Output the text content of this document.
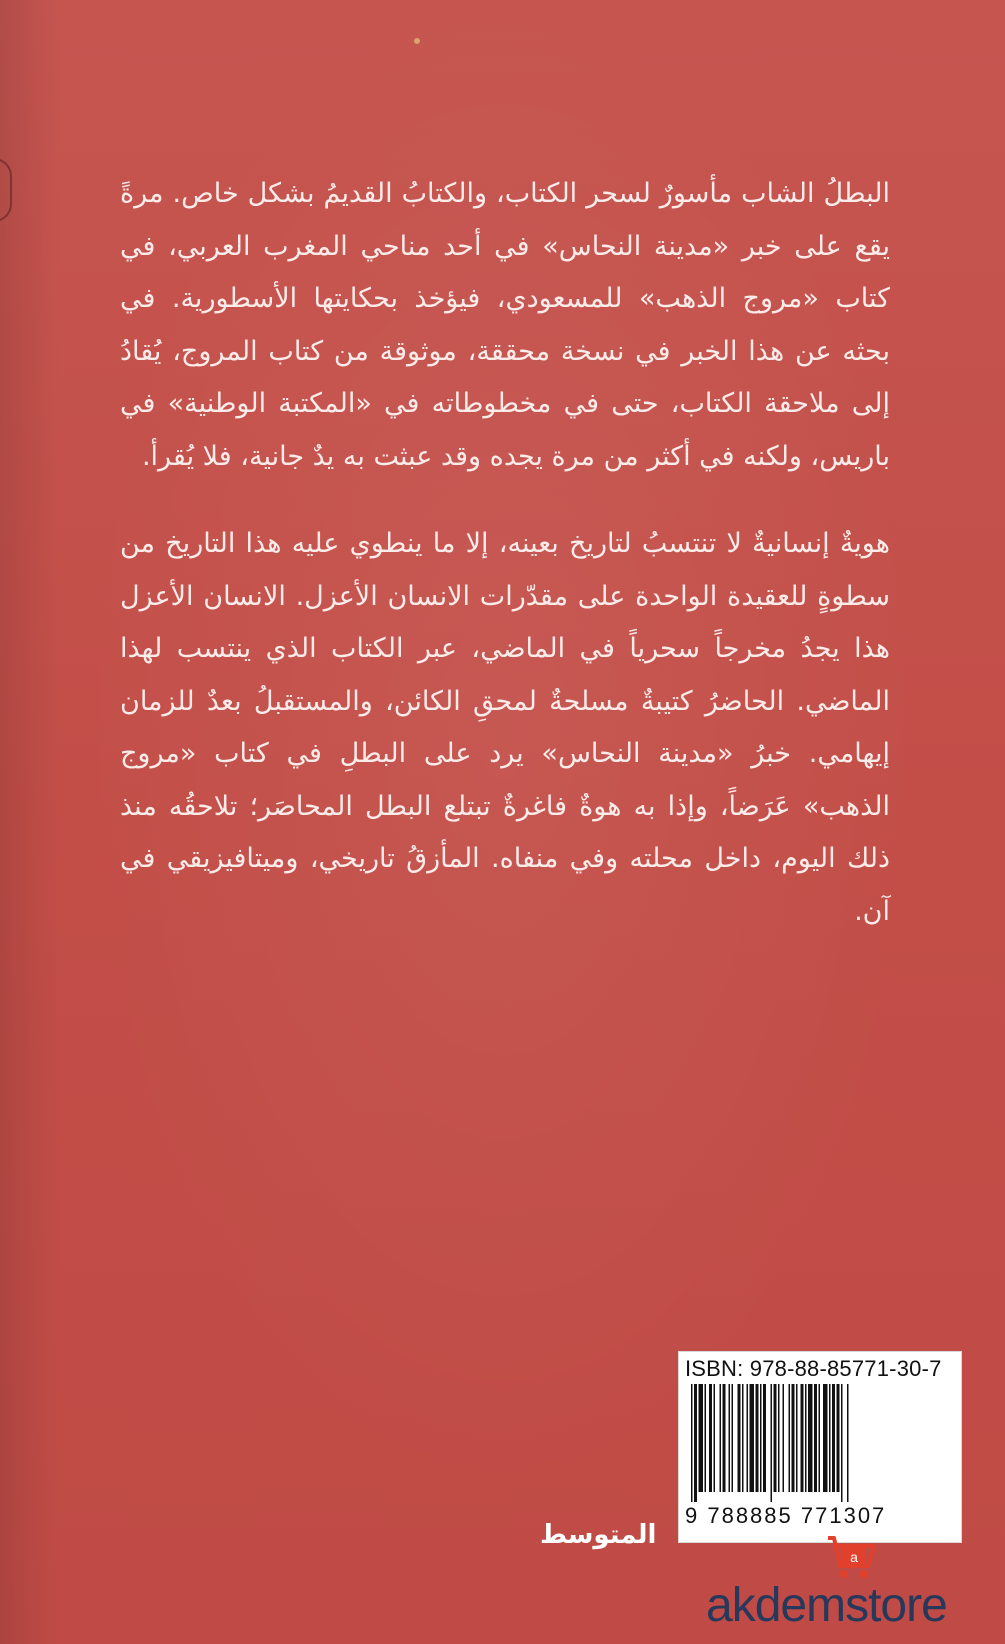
البطلُ الشاب مأسورٌ لسحر الكتاب، والكتابُ القديمُ بشكل خاص. مرةً يقع على خبر «مدينة النحاس» في أحد مناحي المغرب العربي، في كتاب «مروج الذهب» للمسعودي، فيؤخذ بحكايتها الأسطورية. في بحثه عن هذا الخبر في نسخة محققة، موثوقة من كتاب المروج، يُقادُ إلى ملاحقة الكتاب، حتى في مخطوطاته في «المكتبة الوطنية» في باريس، ولكنه في أكثر من مرة يجده وقد عبثت به يدٌ جانية، فلا يُقرأ.

هويةٌ إنسانيةٌ لا تنتسبُ لتاريخ بعينه، إلا ما ينطوي عليه هذا التاريخ من سطوةٍ للعقيدة الواحدة على مقدّرات الانسان الأعزل. الانسان الأعزل هذا يجدُ مخرجاً سحرياً في الماضي، عبر الكتاب الذي ينتسب لهذا الماضي. الحاضرُ كتيبةٌ مسلحةٌ لمحقِ الكائن، والمستقبلُ بعدٌ للزمان إيهامي. خبرُ «مدينة النحاس» يرد على البطلِ في كتاب «مروج الذهب» عَرَضاً، وإذا به هوةٌ فاغرةٌ تبتلع البطل المحاصَر؛ تلاحقُه منذ ذلك اليوم، داخل محلته وفي منفاه. المأزقُ تاريخي، وميتافيزيقي في آن.

ISBN: 978-88-85771-30-7
9 788885 771307
المتوسط
a
akdemstore
